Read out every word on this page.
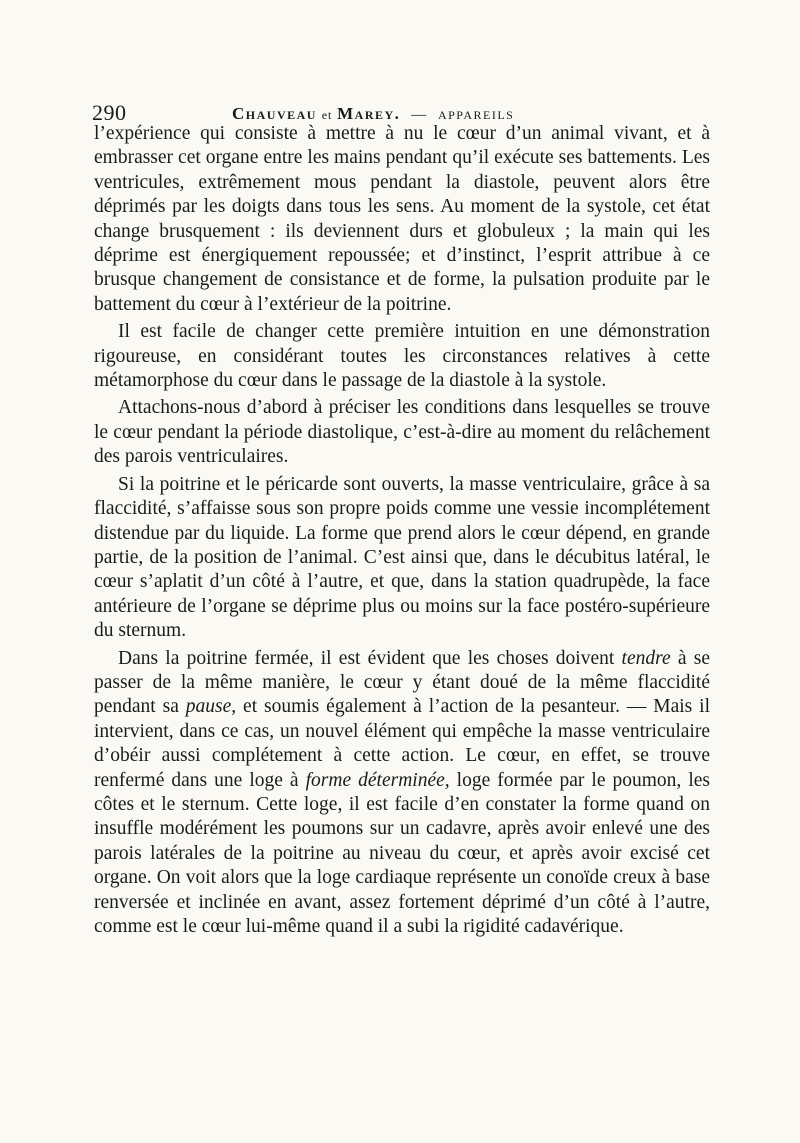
290	Chauveau et Marey. — APPAREILS

l’expérience qui consiste à mettre à nu le cœur d’un animal vivant, et à embrasser cet organe entre les mains pendant qu’il exécute ses battements. Les ventricules, extrêmement mous pendant la diastole, peuvent alors être déprimés par les doigts dans tous les sens. Au moment de la systole, cet état change brusquement : ils deviennent durs et globuleux ; la main qui les déprime est énergiquement repoussée; et d’instinct, l’esprit attribue à ce brusque changement de consistance et de forme, la pulsation produite par le battement du cœur à l’extérieur de la poitrine.

Il est facile de changer cette première intuition en une démonstration rigoureuse, en considérant toutes les circonstances relatives à cette métamorphose du cœur dans le passage de la diastole à la systole.

Attachons-nous d’abord à préciser les conditions dans lesquelles se trouve le cœur pendant la période diastolique, c’est-à-dire au moment du relâchement des parois ventriculaires.

Si la poitrine et le péricarde sont ouverts, la masse ventriculaire, grâce à sa flaccidité, s’affaisse sous son propre poids comme une vessie incomplétement distendue par du liquide. La forme que prend alors le cœur dépend, en grande partie, de la position de l’animal. C’est ainsi que, dans le décubitus latéral, le cœur s’aplatit d’un côté à l’autre, et que, dans la station quadrupède, la face antérieure de l’organe se déprime plus ou moins sur la face postéro-supérieure du sternum.

Dans la poitrine fermée, il est évident que les choses doivent tendre à se passer de la même manière, le cœur y étant doué de la même flaccidité pendant sa pause, et soumis également à l’action de la pesanteur. — Mais il intervient, dans ce cas, un nouvel élément qui empêche la masse ventriculaire d’obéir aussi complétement à cette action. Le cœur, en effet, se trouve renfermé dans une loge à forme déterminée, loge formée par le poumon, les côtes et le sternum. Cette loge, il est facile d’en constater la forme quand on insuffle modérément les poumons sur un cadavre, après avoir enlevé une des parois latérales de la poitrine au niveau du cœur, et après avoir excisé cet organe. On voit alors que la loge cardiaque représente un conoïde creux à base renversée et inclinée en avant, assez fortement déprimé d’un côté à l’autre, comme est le cœur lui-même quand il a subi la rigidité cadavérique.
